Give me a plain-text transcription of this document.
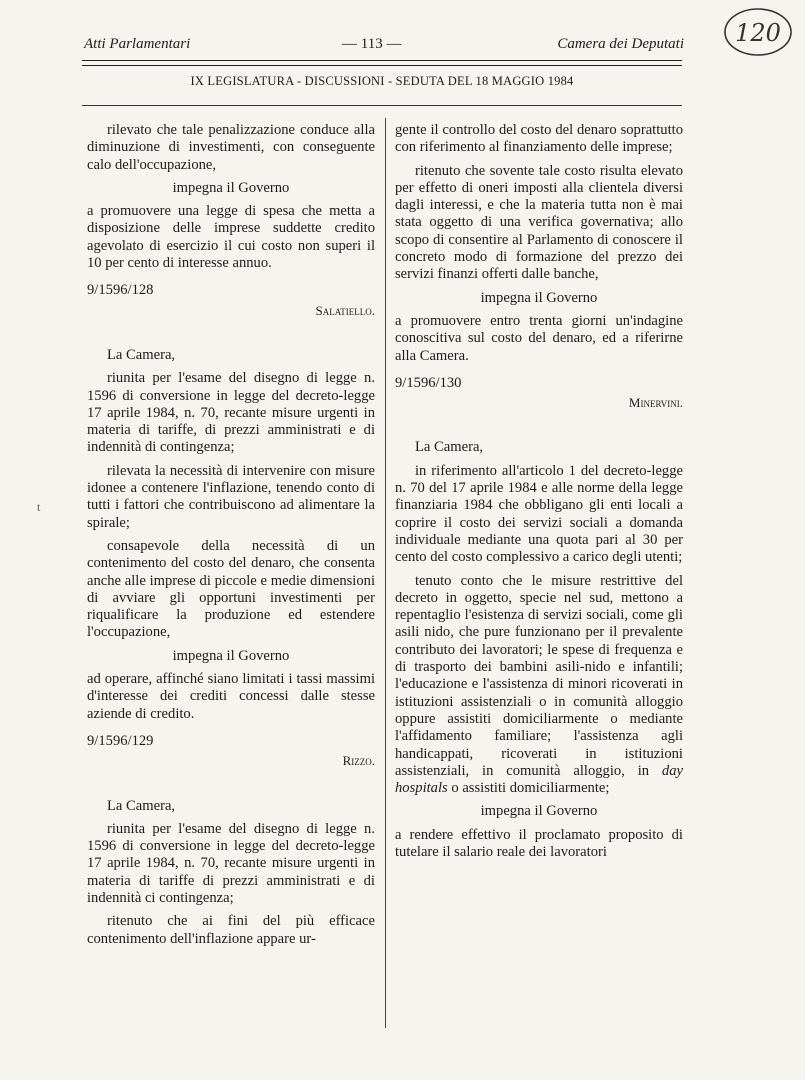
120
Atti Parlamentari	— 113 —	Camera dei Deputati
IX LEGISLATURA - DISCUSSIONI - SEDUTA DEL 18 MAGGIO 1984
t

rilevato che tale penalizzazione conduce alla diminuzione di investimenti, con conseguente calo dell'occupazione,

impegna il Governo

a promuovere una legge di spesa che metta a disposizione delle imprese suddette credito agevolato di esercizio il cui costo non superi il 10 per cento di interesse annuo.

9/1596/128

Salatiello.

La Camera,

riunita per l'esame del disegno di legge n. 1596 di conversione in legge del decreto-legge 17 aprile 1984, n. 70, recante misure urgenti in materia di tariffe, di prezzi amministrati e di indennità di contingenza;

rilevata la necessità di intervenire con misure idonee a contenere l'inflazione, tenendo conto di tutti i fattori che contribuiscono ad alimentare la spirale;

consapevole della necessità di un contenimento del costo del denaro, che consenta anche alle imprese di piccole e medie dimensioni di avviare gli opportuni investimenti per riqualificare la produzione ed estendere l'occupazione,

impegna il Governo

ad operare, affinché siano limitati i tassi massimi d'interesse dei crediti concessi dalle stesse aziende di credito.

9/1596/129

Rizzo.

La Camera,

riunita per l'esame del disegno di legge n. 1596 di conversione in legge del decreto-legge 17 aprile 1984, n. 70, recante misure urgenti in materia di tariffe di prezzi amministrati e di indennità ci contingenza;

ritenuto che ai fini del più efficace contenimento dell'inflazione appare ur-

gente il controllo del costo del denaro soprattutto con riferimento al finanziamento delle imprese;

ritenuto che sovente tale costo risulta elevato per effetto di oneri imposti alla clientela diversi dagli interessi, e che la materia tutta non è mai stata oggetto di una verifica governativa; allo scopo di consentire al Parlamento di conoscere il concreto modo di formazione del prezzo dei servizi finanzi offerti dalle banche,

impegna il Governo

a promuovere entro trenta giorni un'indagine conoscitiva sul costo del denaro, ed a riferirne alla Camera.

9/1596/130

Minervini.

La Camera,

in riferimento all'articolo 1 del decreto-legge n. 70 del 17 aprile 1984 e alle norme della legge finanziaria 1984 che obbligano gli enti locali a coprire il costo dei servizi sociali a domanda individuale mediante una quota pari al 30 per cento del costo complessivo a carico degli utenti;

tenuto conto che le misure restrittive del decreto in oggetto, specie nel sud, mettono a repentaglio l'esistenza di servizi sociali, come gli asili nido, che pure funzionano per il prevalente contributo dei lavoratori; le spese di frequenza e di trasporto dei bambini asili-nido e infantili; l'educazione e l'assistenza di minori ricoverati in istituzioni assistenziali o in comunità alloggio oppure assistiti domiciliarmente o mediante l'affidamento familiare; l'assistenza agli handicappati, ricoverati in istituzioni assistenziali, in comunità alloggio, in day hospitals o assistiti domiciliarmente;

impegna il Governo

a rendere effettivo il proclamato proposito di tutelare il salario reale dei lavoratori
